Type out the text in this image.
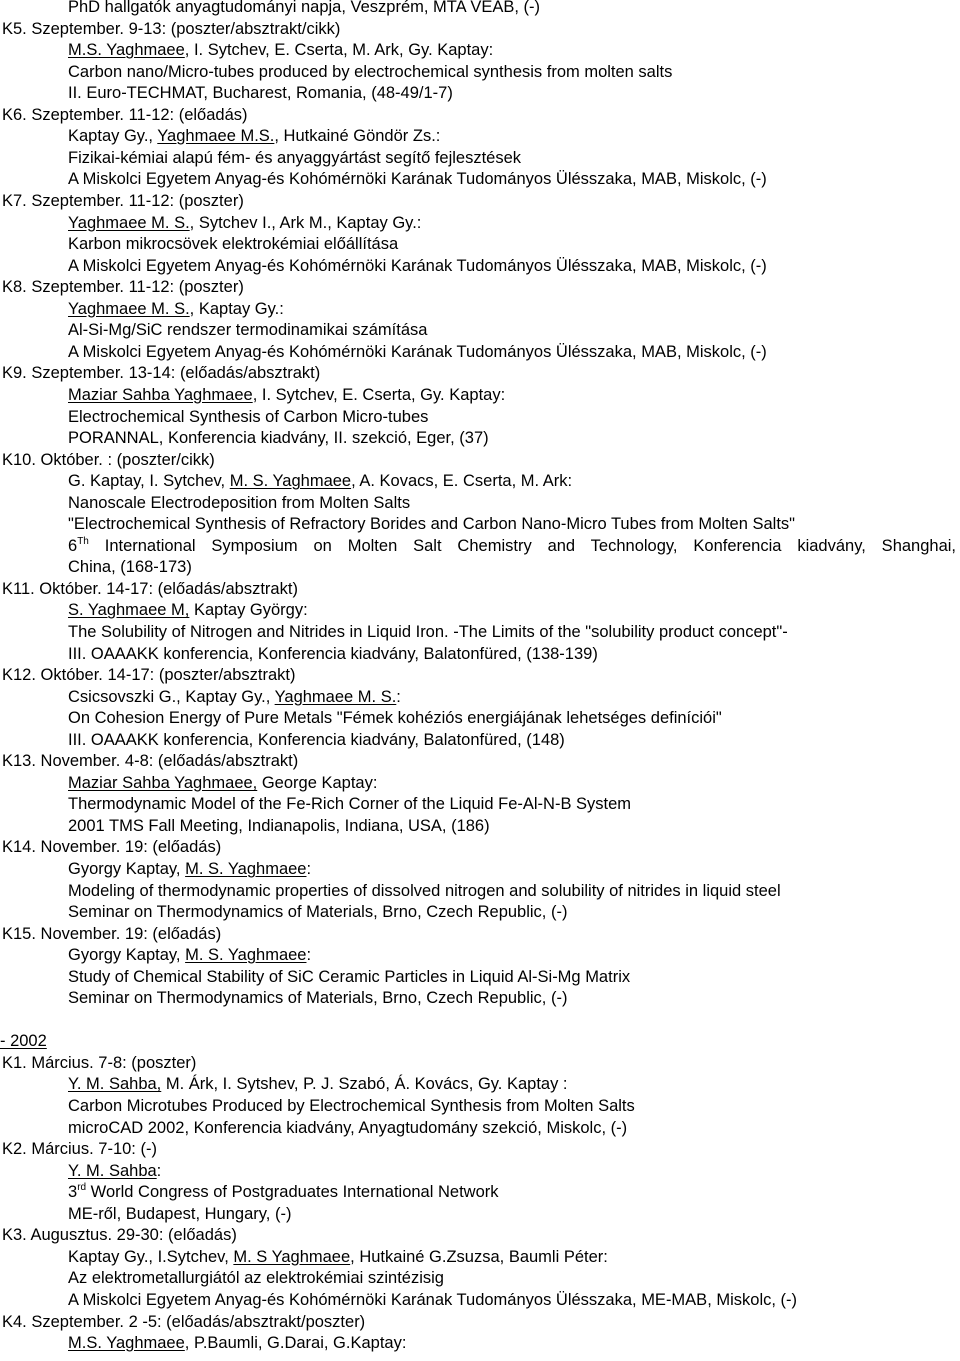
PhD hallgatók anyagtudományi napja, Veszprém, MTA VEAB, (-)
K5. Szeptember. 9-13: (poszter/absztrakt/cikk)
M.S. Yaghmaee, I. Sytchev, E. Cserta, M. Ark, Gy. Kaptay:
Carbon nano/Micro-tubes produced by electrochemical synthesis from molten salts
II. Euro-TECHMAT, Bucharest, Romania, (48-49/1-7)
K6. Szeptember. 11-12: (előadás)
Kaptay Gy., Yaghmaee M.S., Hutkainé Göndör Zs.:
Fizikai-kémiai alapú fém- és anyaggyártást segítő fejlesztések
A Miskolci Egyetem Anyag-és Kohómérnöki Karának Tudományos Ülésszaka, MAB, Miskolc, (-)
K7. Szeptember. 11-12: (poszter)
Yaghmaee M. S., Sytchev I., Ark M., Kaptay Gy.:
Karbon mikrocsövek elektrokémiai előállítása
A Miskolci Egyetem Anyag-és Kohómérnöki Karának Tudományos Ülésszaka, MAB, Miskolc, (-)
K8. Szeptember. 11-12: (poszter)
Yaghmaee M. S., Kaptay Gy.:
Al-Si-Mg/SiC rendszer termodinamikai számítása
A Miskolci Egyetem Anyag-és Kohómérnöki Karának Tudományos Ülésszaka, MAB, Miskolc, (-)
K9. Szeptember. 13-14: (előadás/absztrakt)
Maziar Sahba Yaghmaee, I. Sytchev, E. Cserta, Gy. Kaptay:
Electrochemical Synthesis of Carbon Micro-tubes
PORANNAL, Konferencia kiadvány, II. szekció, Eger, (37)
K10. Október. : (poszter/cikk)
G. Kaptay, I. Sytchev, M. S. Yaghmaee, A. Kovacs, E. Cserta, M. Ark:
Nanoscale Electrodeposition from Molten Salts
"Electrochemical Synthesis of Refractory Borides and Carbon Nano-Micro Tubes from Molten Salts"
6Th International Symposium on Molten Salt Chemistry and Technology, Konferencia kiadvány, Shanghai,
China, (168-173)
K11. Október. 14-17: (előadás/absztrakt)
S. Yaghmaee M, Kaptay György:
The Solubility of Nitrogen and Nitrides in Liquid Iron. -The Limits of the "solubility product concept"-
III. OAAAKK konferencia, Konferencia kiadvány, Balatonfüred, (138-139)
K12. Október. 14-17: (poszter/absztrakt)
Csicsovszki G., Kaptay Gy., Yaghmaee M. S.:
On Cohesion Energy of Pure Metals "Fémek kohéziós energiájának lehetséges definíciói"
III. OAAAKK konferencia, Konferencia kiadvány, Balatonfüred, (148)
K13. November. 4-8: (előadás/absztrakt)
Maziar Sahba Yaghmaee, George Kaptay:
Thermodynamic Model of the Fe-Rich Corner of the Liquid Fe-Al-N-B System
2001 TMS Fall Meeting, Indianapolis, Indiana, USA, (186)
K14. November. 19: (előadás)
Gyorgy Kaptay, M. S. Yaghmaee:
Modeling of thermodynamic properties of dissolved nitrogen and solubility of nitrides in liquid steel
Seminar on Thermodynamics of Materials, Brno, Czech Republic, (-)
K15. November. 19: (előadás)
Gyorgy Kaptay, M. S. Yaghmaee:
Study of Chemical Stability of SiC Ceramic Particles in Liquid Al-Si-Mg Matrix
Seminar on Thermodynamics of Materials, Brno, Czech Republic, (-)
- 2002
K1. Március. 7-8: (poszter)
Y. M. Sahba, M. Árk, I. Sytshev, P. J. Szabó, Á. Kovács, Gy. Kaptay :
Carbon Microtubes Produced by Electrochemical Synthesis from Molten Salts
microCAD 2002, Konferencia kiadvány, Anyagtudomány szekció, Miskolc, (-)
K2. Március. 7-10: (-)
Y. M. Sahba:
3rd World Congress of Postgraduates International Network
ME-ről, Budapest, Hungary, (-)
K3. Augusztus. 29-30: (előadás)
Kaptay Gy., I.Sytchev, M. S Yaghmaee, Hutkainé G.Zsuzsa, Baumli Péter:
Az elektrometallurgiától az elektrokémiai szintézisig
A Miskolci Egyetem Anyag-és Kohómérnöki Karának Tudományos Ülésszaka, ME-MAB, Miskolc, (-)
K4. Szeptember. 2 -5: (előadás/absztrakt/poszter)
M.S. Yaghmaee, P.Baumli, G.Darai, G.Kaptay:
